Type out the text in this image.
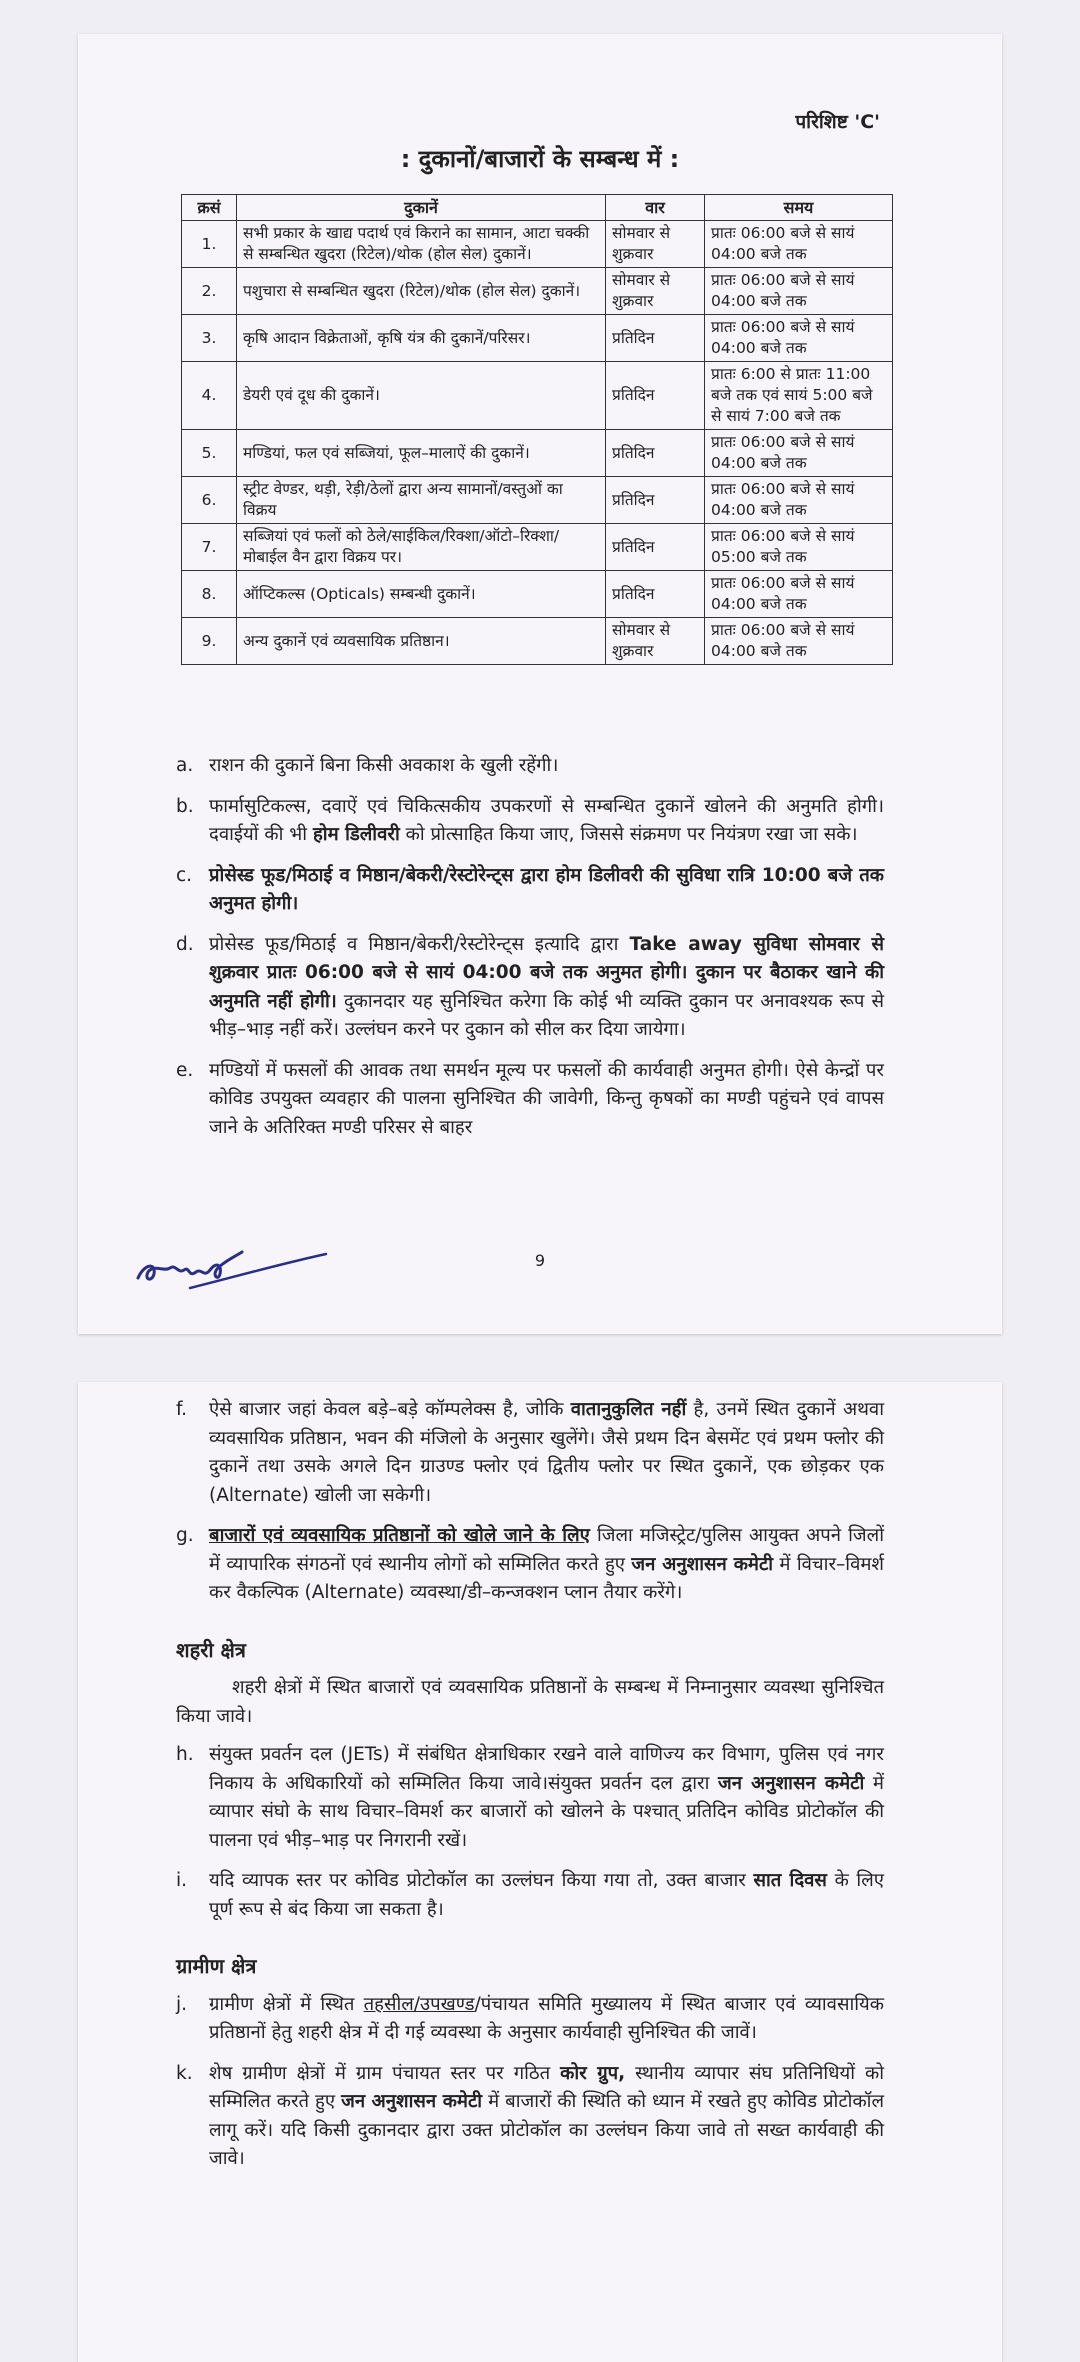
परिशिष्ट 'C'
: दुकानों/बाजारों के सम्बन्ध में :
क्रसं	दुकानें	वार	समय
1.	सभी प्रकार के खाद्य पदार्थ एवं किराने का सामान, आटा चक्की से सम्बन्धित खुदरा (रिटेल)/थोक (होल सेल) दुकानें।	सोमवार से शुक्रवार	प्रातः 06:00 बजे से सायं 04:00 बजे तक
2.	पशुचारा से सम्बन्धित खुदरा (रिटेल)/थोक (होल सेल) दुकानें।	सोमवार से शुक्रवार	प्रातः 06:00 बजे से सायं 04:00 बजे तक
3.	कृषि आदान विक्रेताओं, कृषि यंत्र की दुकानें/परिसर।	प्रतिदिन	प्रातः 06:00 बजे से सायं 04:00 बजे तक
4.	डेयरी एवं दूध की दुकानें।	प्रतिदिन	प्रातः 6:00 से प्रातः 11:00 बजे तक एवं सायं 5:00 बजे से सायं 7:00 बजे तक
5.	मण्डियां, फल एवं सब्जियां, फूल–मालाऐं की दुकानें।	प्रतिदिन	प्रातः 06:00 बजे से सायं 04:00 बजे तक
6.	स्ट्रीट वेण्डर, थड़ी, रेड़ी/ठेलों द्वारा अन्य सामानों/वस्तुओं का विक्रय	प्रतिदिन	प्रातः 06:00 बजे से सायं 04:00 बजे तक
7.	सब्जियां एवं फलों को ठेले/साईकिल/रिक्शा/ऑटो–रिक्शा/मोबाईल वैन द्वारा विक्रय पर।	प्रतिदिन	प्रातः 06:00 बजे से सायं 05:00 बजे तक
8.	ऑप्टिकल्स (Opticals) सम्बन्धी दुकानें।	प्रतिदिन	प्रातः 06:00 बजे से सायं 04:00 बजे तक
9.	अन्य दुकानें एवं व्यवसायिक प्रतिष्ठान।	सोमवार से शुक्रवार	प्रातः 06:00 बजे से सायं 04:00 बजे तक
a. राशन की दुकानें बिना किसी अवकाश के खुली रहेंगी।
b. फार्मासुटिकल्स, दवाऐं एवं चिकित्सकीय उपकरणों से सम्बन्धित दुकानें खोलने की अनुमति होगी। दवाईयों की भी होम डिलीवरी को प्रोत्साहित किया जाए, जिससे संक्रमण पर नियंत्रण रखा जा सके।
c. प्रोसेस्ड फूड/मिठाई व मिष्ठान/बेकरी/रेस्टोरेन्ट्स द्वारा होम डिलीवरी की सुविधा रात्रि 10:00 बजे तक अनुमत होगी।
d. प्रोसेस्ड फूड/मिठाई व मिष्ठान/बेकरी/रेस्टोरेन्ट्स इत्यादि द्वारा Take away सुविधा सोमवार से शुक्रवार प्रातः 06:00 बजे से सायं 04:00 बजे तक अनुमत होगी। दुकान पर बैठाकर खाने की अनुमति नहीं होगी। दुकानदार यह सुनिश्चित करेगा कि कोई भी व्यक्ति दुकान पर अनावश्यक रूप से भीड़–भाड़ नहीं करें। उल्लंघन करने पर दुकान को सील कर दिया जायेगा।
e. मण्डियों में फसलों की आवक तथा समर्थन मूल्य पर फसलों की कार्यवाही अनुमत होगी। ऐसे केन्द्रों पर कोविड उपयुक्त व्यवहार की पालना सुनिश्चित की जावेगी, किन्तु कृषकों का मण्डी पहुंचने एवं वापस जाने के अतिरिक्त मण्डी परिसर से बाहर
9
f. ऐसे बाजार जहां केवल बड़े–बड़े कॉम्पलेक्स है, जोकि वातानुकुलित नहीं है, उनमें स्थित दुकानें अथवा व्यवसायिक प्रतिष्ठान, भवन की मंजिलो के अनुसार खुलेंगे। जैसे प्रथम दिन बेसमेंट एवं प्रथम फ्लोर की दुकानें तथा उसके अगले दिन ग्राउण्ड फ्लोर एवं द्वितीय फ्लोर पर स्थित दुकानें, एक छोड़कर एक (Alternate) खोली जा सकेगी।
g. बाजारों एवं व्यवसायिक प्रतिष्ठानों को खोले जाने के लिए जिला मजिस्ट्रेट/पुलिस आयुक्त अपने जिलों में व्यापारिक संगठनों एवं स्थानीय लोगों को सम्मिलित करते हुए जन अनुशासन कमेटी में विचार–विमर्श कर वैकल्पिक (Alternate) व्यवस्था/डी–कन्जक्शन प्लान तैयार करेंगे।
शहरी क्षेत्र
शहरी क्षेत्रों में स्थित बाजारों एवं व्यवसायिक प्रतिष्ठानों के सम्बन्ध में निम्नानुसार व्यवस्था सुनिश्चित किया जावे।
h. संयुक्त प्रवर्तन दल (JETs) में संबंधित क्षेत्राधिकार रखने वाले वाणिज्य कर विभाग, पुलिस एवं नगर निकाय के अधिकारियों को सम्मिलित किया जावे।संयुक्त प्रवर्तन दल द्वारा जन अनुशासन कमेटी में व्यापार संघो के साथ विचार–विमर्श कर बाजारों को खोलने के पश्चात् प्रतिदिन कोविड प्रोटोकॉल की पालना एवं भीड़–भाड़ पर निगरानी रखें।
i. यदि व्यापक स्तर पर कोविड प्रोटोकॉल का उल्लंघन किया गया तो, उक्त बाजार सात दिवस के लिए पूर्ण रूप से बंद किया जा सकता है।
ग्रामीण क्षेत्र
j. ग्रामीण क्षेत्रों में स्थित तहसील/उपखण्ड/पंचायत समिति मुख्यालय में स्थित बाजार एवं व्यावसायिक प्रतिष्ठानों हेतु शहरी क्षेत्र में दी गई व्यवस्था के अनुसार कार्यवाही सुनिश्चित की जावें।
k. शेष ग्रामीण क्षेत्रों में ग्राम पंचायत स्तर पर गठित कोर ग्रुप, स्थानीय व्यापार संघ प्रतिनिधियों को सम्मिलित करते हुए जन अनुशासन कमेटी में बाजारों की स्थिति को ध्यान में रखते हुए कोविड प्रोटोकॉल लागू करें। यदि किसी दुकानदार द्वारा उक्त प्रोटोकॉल का उल्लंघन किया जावे तो सख्त कार्यवाही की जावे।
